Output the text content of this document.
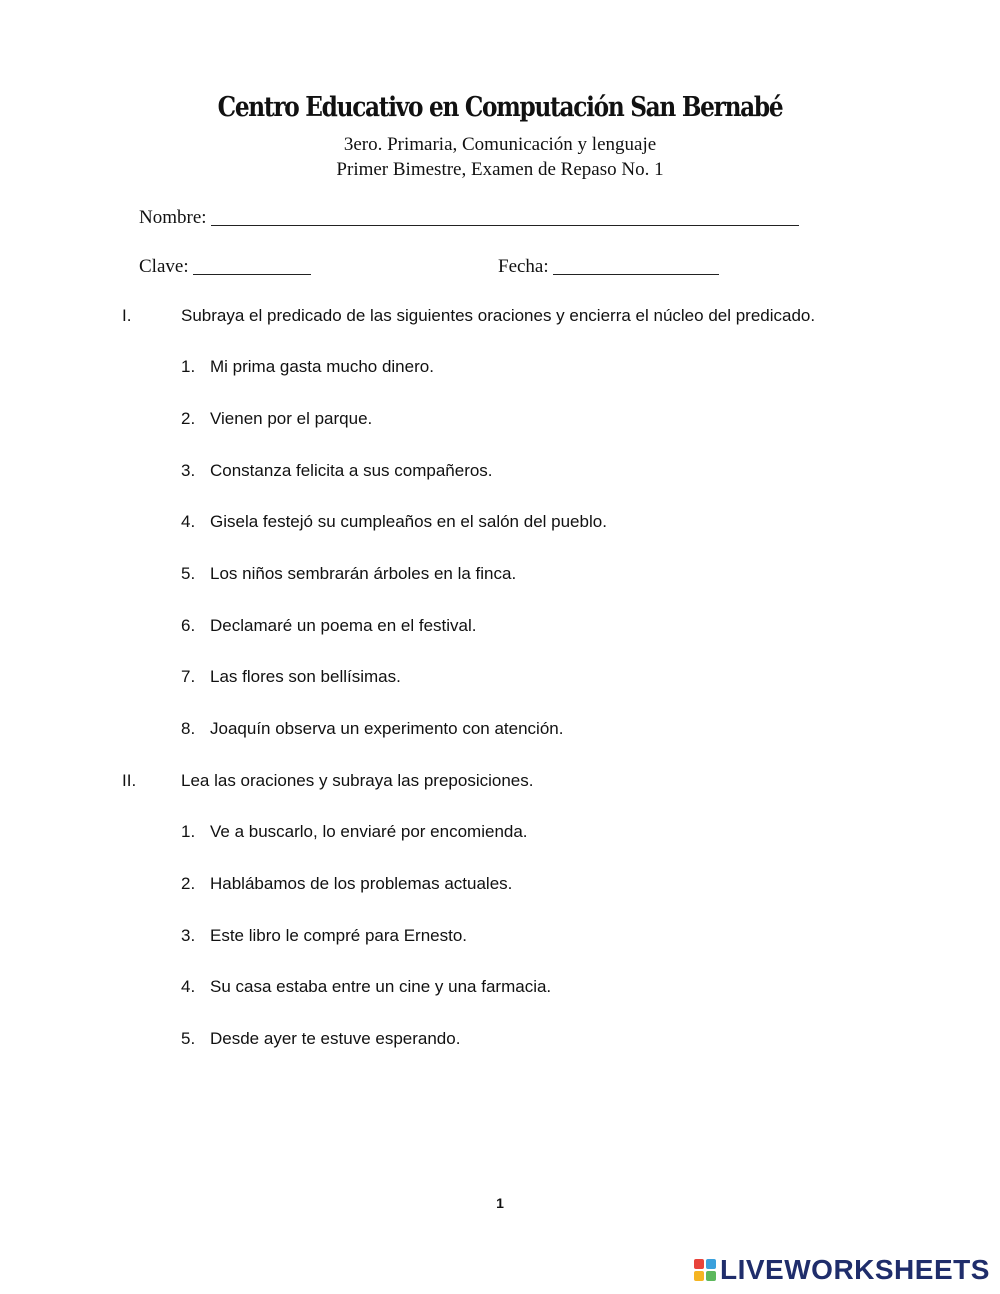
Centro Educativo en Computación San Bernabé
3ero. Primaria, Comunicación y lenguaje
Primer Bimestre, Examen de Repaso No. 1
Nombre:
Clave:	Fecha:
I.	Subraya el predicado de las siguientes oraciones y encierra el núcleo del predicado.
1. Mi prima gasta mucho dinero.
2. Vienen por el parque.
3. Constanza felicita a sus compañeros.
4. Gisela festejó su cumpleaños en el salón del pueblo.
5. Los niños sembrarán árboles en la finca.
6. Declamaré un poema en el festival.
7. Las flores son bellísimas.
8. Joaquín observa un experimento con atención.
II.	Lea las oraciones y subraya las preposiciones.
1. Ve a buscarlo, lo enviaré por encomienda.
2. Hablábamos de los problemas actuales.
3. Este libro le compré para Ernesto.
4. Su casa estaba entre un cine y una farmacia.
5. Desde ayer te estuve esperando.
1
LIVEWORKSHEETS
